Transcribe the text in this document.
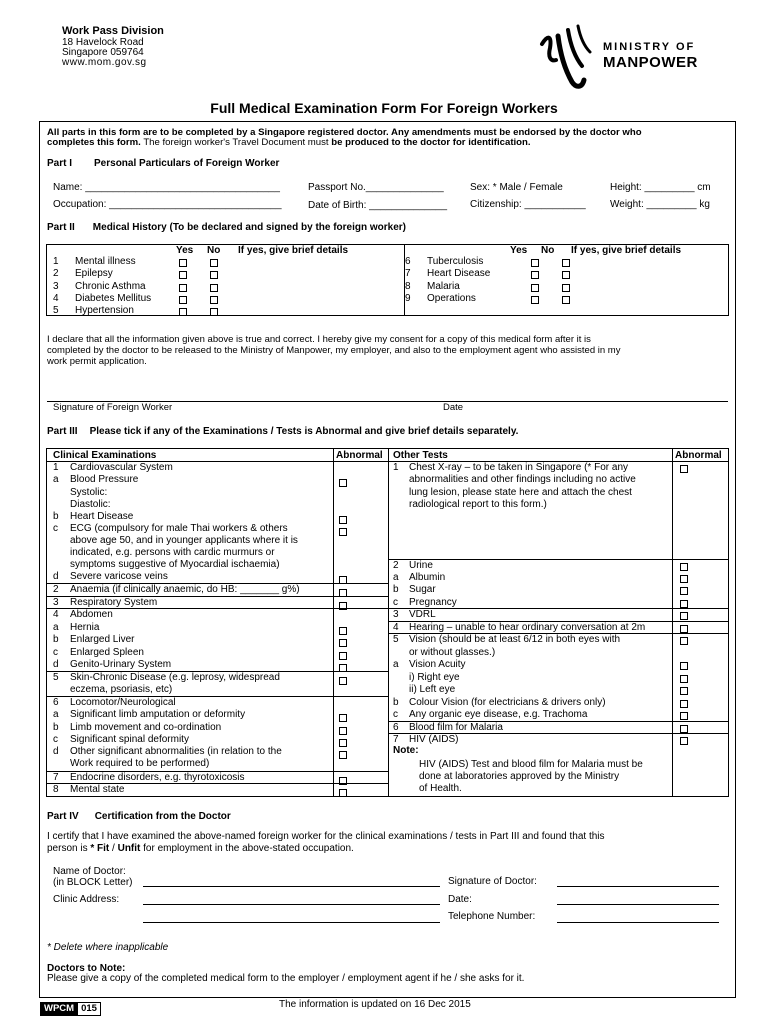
Work Pass Division
18 Havelock Road
Singapore 059764
www.mom.gov.sg
MINISTRY OF
MANPOWER
Full Medical Examination Form For Foreign Workers
All parts in this form are to be completed by a Singapore registered doctor. Any amendments must be endorsed by the doctor who
completes this form. The foreign worker's Travel Document must be produced to the doctor for identification.
Part I Personal Particulars of Foreign Worker
Name: ___________________________________	Passport No.______________	Sex: * Male / Female	Height: _________ cm
Occupation: _______________________________	Date of Birth: ______________ Citizenship: ___________ Weight: _________ kg
Part II Medical History (To be declared and signed by the foreign worker)
Yes No If yes, give brief details	Yes No If yes, give brief details
1 Mental illness
2 Epilepsy
3 Chronic Asthma
4 Diabetes Mellitus
5 Hypertension
6 Tuberculosis
7 Heart Disease
8 Malaria
9 Operations
I declare that all the information given above is true and correct. I hereby give my consent for a copy of this medical form after it is
completed by the doctor to be released to the Ministry of Manpower, my employer, and also to the employment agent who assisted in my
work permit application.
Signature of Foreign Worker	Date
Part III Please tick if any of the Examinations / Tests is Abnormal and give brief details separately.
Clinical Examinations	Abnormal Other Tests	Abnormal
1 Cardiovascular System
a Blood Pressure
Systolic:
Diastolic:
b Heart Disease
c ECG (compulsory for male Thai workers & others
above age 50, and in younger applicants where it is
indicated, e.g. persons with cardic murmurs or
symptoms suggestive of Myocardial ischaemia)
d Severe varicose veins
2 Anaemia (if clinically anaemic, do HB: _______ g%)
3 Respiratory System
4 Abdomen
a Hernia
b Enlarged Liver
c Enlarged Spleen
d Genito-Urinary System
5 Skin-Chronic Disease (e.g. leprosy, widespread
eczema, psoriasis, etc)
6 Locomotor/Neurological
a Significant limb amputation or deformity
b Limb movement and co-ordination
c Significant spinal deformity
d Other significant abnormalities (in relation to the
Work required to be performed)
7 Endocrine disorders, e.g. thyrotoxicosis
8 Mental state
1 Chest X-ray – to be taken in Singapore (* For any
abnormalities and other findings including no active
lung lesion, please state here and attach the chest
radiological report to this form.)
2 Urine
a Albumin
b Sugar
c Pregnancy
3 VDRL
4 Hearing – unable to hear ordinary conversation at 2m
5 Vision (should be at least 6/12 in both eyes with
or without glasses.)
a Vision Acuity
i) Right eye
ii) Left eye
b Colour Vision (for electricians & drivers only)
c Any organic eye disease, e.g. Trachoma
6 Blood film for Malaria
7 HIV (AIDS)
Note:
HIV (AIDS) Test and blood film for Malaria must be
done at laboratories approved by the Ministry
of Health.
Part IV Certification from the Doctor
I certify that I have examined the above-named foreign worker for the clinical examinations / tests in Part III and found that this
person is * Fit / Unfit for employment in the above-stated occupation.
Name of Doctor:
(in BLOCK Letter)	Signature of Doctor:
Clinic Address:	Date:
Telephone Number:
* Delete where inapplicable
Doctors to Note:
Please give a copy of the completed medical form to the employer / employment agent if he / she asks for it.
WPCM 015	The information is updated on 16 Dec 2015
